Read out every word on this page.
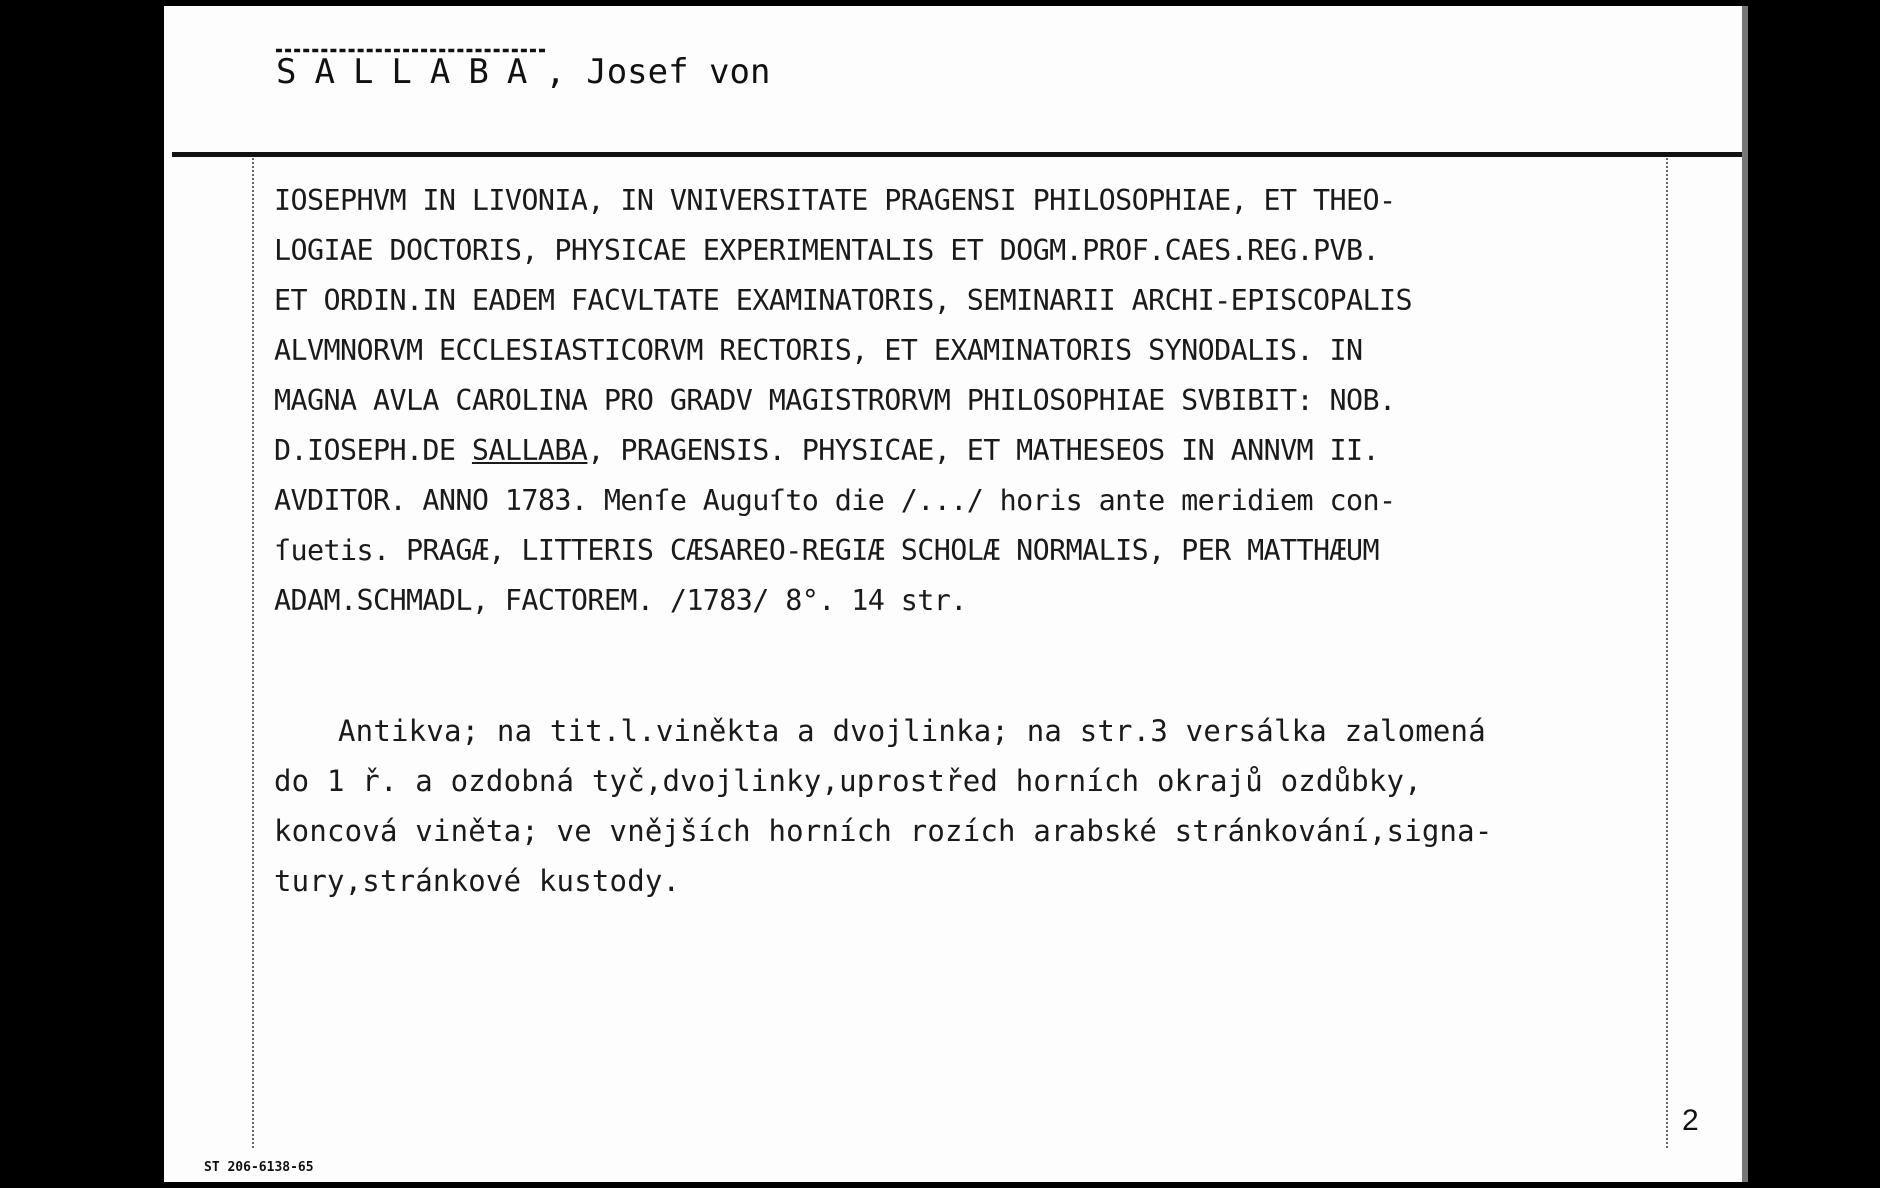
SALLABA, Josef von
IOSEPHVM IN LIVONIA, IN VNIVERSITATE PRAGENSI PHILOSOPHIAE, ET THEO-
LOGIAE DOCTORIS, PHYSICAE EXPERIMENTALIS ET DOGM.PROF.CAES.REG.PVB.
ET ORDIN.IN EADEM FACVLTATE EXAMINATORIS, SEMINARII ARCHI-EPISCOPALIS
ALVMNORVM ECCLESIASTICORVM RECTORIS, ET EXAMINATORIS SYNODALIS. IN
MAGNA AVLA CAROLINA PRO GRADV MAGISTRORVM PHILOSOPHIAE SVBIBIT: NOB.
D.IOSEPH.DE SALLABA, PRAGENSIS. PHYSICAE, ET MATHESEOS IN ANNVM II.
AVDITOR. ANNO 1783. Menſe Auguſto die /.../ horis ante meridiem con-
ſuetis. PRAGÆ, LITTERIS CÆSAREO-REGIÆ SCHOLÆ NORMALIS, PER MATTHÆUM
ADAM.SCHMADL, FACTOREM. /1783/ 8°. 14 str.
Antikva; na tit.l.viněkta a dvojlinka; na str.3 versálka zalomená
do 1 ř. a ozdobná tyč,dvojlinky,uprostřed horních okrajů ozdůbky,
koncová viněta; ve vnějších horních rozích arabské stránkování,signa-
tury,stránkové kustody.
2
ST 206-6138-65
